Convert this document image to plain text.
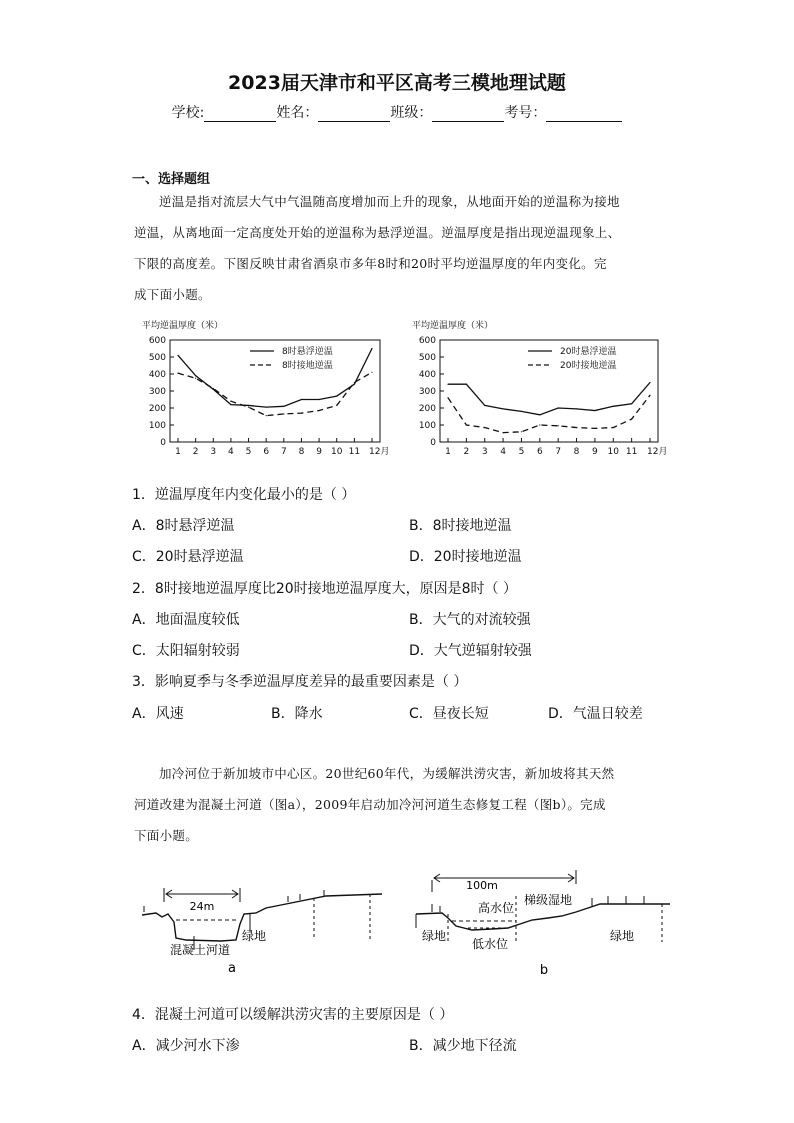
2023届天津市和平区高考三模地理试题
学校:	姓名：	班级：	考号：
一、选择题组
逆温是指对流层大气中气温随高度增加而上升的现象，从地面开始的逆温称为接地
逆温，从离地面一定高度处开始的逆温称为悬浮逆温。逆温厚度是指出现逆温现象上、
下限的高度差。下图反映甘肃省酒泉市多年8时和20时平均逆温厚度的年内变化。完
成下面小题。
平均逆温厚度（米）
0
100
200
300
400
500
600
1 2 3 4 5 6 7 8 9 10 11 12月
8时悬浮逆温
8时接地逆温
平均逆温厚度（米）
0
100
200
300
400
500
600
1 2 3 4 5 6 7 8 9 10 11 12月
20时悬浮逆温
20时接地逆温
1．逆温厚度年内变化最小的是（ ）
A．8时悬浮逆温	B．8时接地逆温
C．20时悬浮逆温	D．20时接地逆温
2．8时接地逆温厚度比20时接地逆温厚度大，原因是8时（ ）
A．地面温度较低	B．大气的对流较强
C．太阳辐射较弱	D．大气逆辐射较强
3．影响夏季与冬季逆温厚度差异的最重要因素是（ ）
A．风速	B．降水	C．昼夜长短	D．气温日较差
加冷河位于新加坡市中心区。20世纪60年代，为缓解洪涝灾害，新加坡将其天然
河道改建为混凝土河道（图a），2009年启动加冷河河道生态修复工程（图b）。完成
下面小题。
24m
混凝土河道
绿地
a
100m
高水位
梯级湿地
低水位
绿地	绿地
b
4．混凝土河道可以缓解洪涝灾害的主要原因是（ ）
A．减少河水下渗	B．减少地下径流
